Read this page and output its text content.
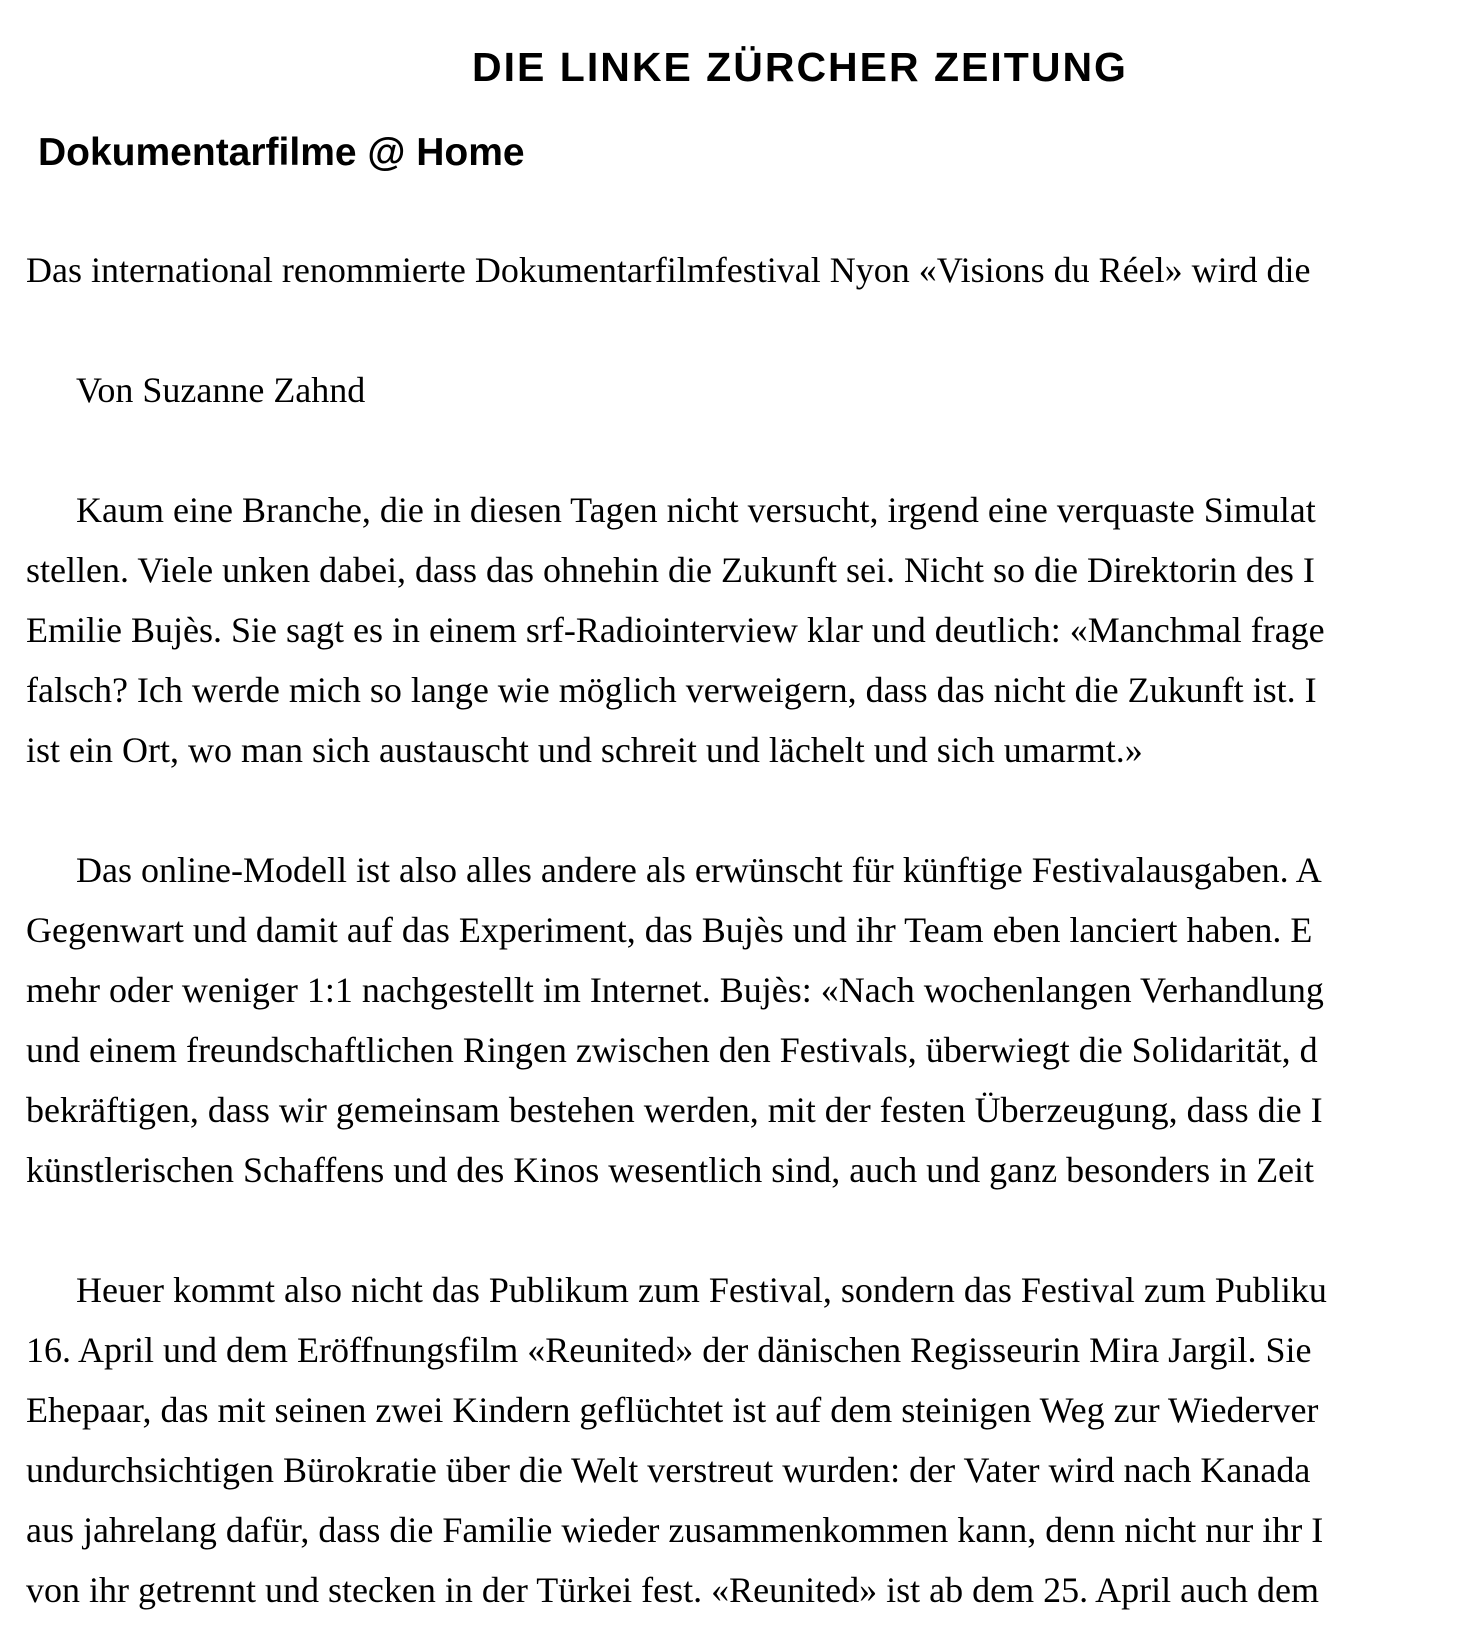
DIE LINKE ZÜRCHER ZEITUNG
Dokumentarfilme @ Home
Das international renommierte Dokumentarfilmfestival Nyon «Visions du Réel» wird die
Von Suzanne Zahnd
Kaum eine Branche, die in diesen Tagen nicht versucht, irgend eine verquaste Simulat
stellen. Viele unken dabei, dass das ohnehin die Zukunft sei. Nicht so die Direktorin des I
Emilie Bujès. Sie sagt es in einem srf-Radiointerview klar und deutlich: «Manchmal frage
falsch? Ich werde mich so lange wie möglich verweigern, dass das nicht die Zukunft ist. I
ist ein Ort, wo man sich austauscht und schreit und lächelt und sich umarmt.»
Das online-Modell ist also alles andere als erwünscht für künftige Festivalausgaben. A
Gegenwart und damit auf das Experiment, das Bujès und ihr Team eben lanciert haben. E
mehr oder weniger 1:1 nachgestellt im Internet. Bujès: «Nach wochenlangen Verhandlung
und einem freundschaftlichen Ringen zwischen den Festivals, überwiegt die Solidarität, d
bekräftigen, dass wir gemeinsam bestehen werden, mit der festen Überzeugung, dass die I
künstlerischen Schaffens und des Kinos wesentlich sind, auch und ganz besonders in Zeit
Heuer kommt also nicht das Publikum zum Festival, sondern das Festival zum Publiku
16. April und dem Eröffnungsfilm «Reunited» der dänischen Regisseurin Mira Jargil. Sie
Ehepaar, das mit seinen zwei Kindern geflüchtet ist auf dem steinigen Weg zur Wiederver
undurchsichtigen Bürokratie über die Welt verstreut wurden: der Vater wird nach Kanada
aus jahrelang dafür, dass die Familie wieder zusammenkommen kann, denn nicht nur ihr I
von ihr getrennt und stecken in der Türkei fest. «Reunited» ist ab dem 25. April auch dem
